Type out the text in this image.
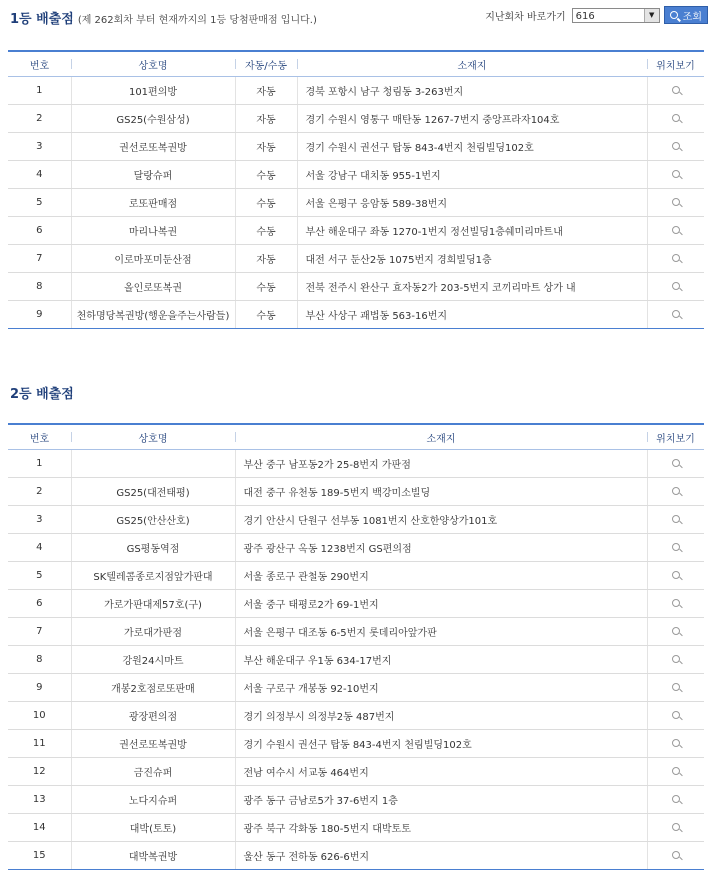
1등 배출점 (제 262회차 부터 현재까지의 1등 당첨판매점 입니다.)	지난회차 바로가기	616	▼	조회
번호	상호명	자동/수동	소재지	위치보기
1	101편의방	자동	경북 포항시 남구 청림동 3-263번지	
2	GS25(수원삼성)	자동	경기 수원시 영통구 매탄동 1267-7번지 중앙프라자104호	
3	권선로또복권방	자동	경기 수원시 권선구 탑동 843-4번지 천림빌딩102호	
4	달랑슈퍼	수동	서울 강남구 대치동 955-1번지	
5	로또판매점	수동	서울 은평구 응암동 589-38번지	
6	마리나복권	수동	부산 해운대구 좌동 1270-1번지 정선빌딩1층쉐미리마트내	
7	이로마포미둔산점	자동	대전 서구 둔산2동 1075번지 경희빌딩1층	
8	올인로또복권	수동	전북 전주시 완산구 효자동2가 203-5번지 코끼리마트 상가 내	
9	천하명당복권방(행운을주는사람들)	수동	부산 사상구 괘법동 563-16번지	
2등 배출점
번호	상호명	소재지	위치보기
1		부산 중구 남포동2가 25-8번지 가판점	
2	GS25(대전태평)	대전 중구 유천동 189-5번지 백강미소빌딩	
3	GS25(안산산호)	경기 안산시 단원구 선부동 1081번지 산호한양상가101호	
4	GS평동역점	광주 광산구 옥동 1238번지 GS편의점	
5	SK텔레콤종로지점앞가판대	서울 종로구 관철동 290번지	
6	가로가판대제57호(구)	서울 중구 태평로2가 69-1번지	
7	가로대가판점	서울 은평구 대조동 6-5번지 롯데리아앞가판	
8	강원24시마트	부산 해운대구 우1동 634-17번지	
9	개봉2호점로또판매	서울 구로구 개봉동 92-10번지	
10	광장편의점	경기 의정부시 의정부2동 487번지	
11	권선로또복권방	경기 수원시 권선구 탑동 843-4번지 천림빌딩102호	
12	금진슈퍼	전남 여수시 서교동 464번지	
13	노다지슈퍼	광주 동구 금남로5가 37-6번지 1층	
14	대박(토토)	광주 북구 각화동 180-5번지 대박토토	
15	대박복권방	울산 동구 전하동 626-6번지	
